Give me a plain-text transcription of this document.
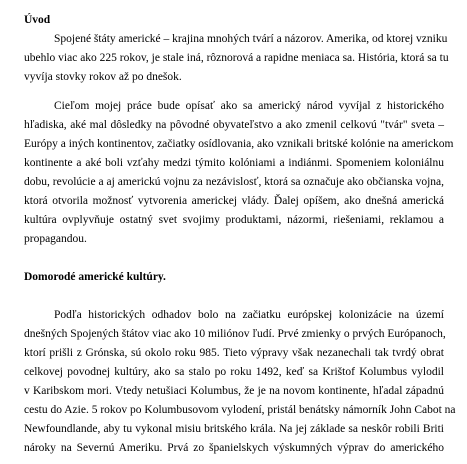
Úvod
Spojené štáty americké – krajina mnohých tvárí a názorov. Amerika, od ktorej vzniku
ubehlo viac ako 225 rokov, je stale iná, rôznorová a rapidne meniaca sa. História, ktorá sa tu
vyvíja stovky rokov až po dnešok.
Cieľom mojej práce bude opísať ako sa americký národ vyvíjal z historického
hľadiska, aké mal dôsledky na pôvodné obyvateľstvo a ako zmenil celkovú "tvár" sveta –
Európy a iných kontinentov, začiatky osídlovania, ako vznikali britské kolónie na americkom
kontinente a aké boli vzťahy medzi týmito kolóniami a indiánmi. Spomeniem koloniálnu
dobu, revolúcie a aj americkú vojnu za nezávislosť, ktorá sa označuje ako občianska vojna,
ktorá otvorila možnosť vytvorenia americkej vlády. Ďalej opíšem, ako dnešná americká
kultúra ovplyvňuje ostatný svet svojimy produktami, názormi, riešeniami, reklamou a
propagandou.
Domorodé americké kultúry.
Podľa historických odhadov bolo na začiatku európskej kolonizácie na území
dnešných Spojených štátov viac ako 10 miliónov ľudí. Prvé zmienky o prvých Európanoch,
ktorí prišli z Grónska, sú okolo roku 985. Tieto výpravy však nezanechali tak tvrdý obrat
celkovej povodnej kultúry, ako sa stalo po roku 1492, keď sa Krištof Kolumbus vylodil
v Karibskom mori. Vtedy netušiaci Kolumbus, že je na novom kontinente, hľadal západnú
cestu do Azie. 5 rokov po Kolumbusovom vylodení, pristál benátsky námorník John Cabot na
Newfoundlande, aby tu vykonal misiu britského krála. Na jej základe sa neskôr robili Briti
nároky na Severnú Ameriku. Prvá zo španielskych výskumných výprav do amerického
